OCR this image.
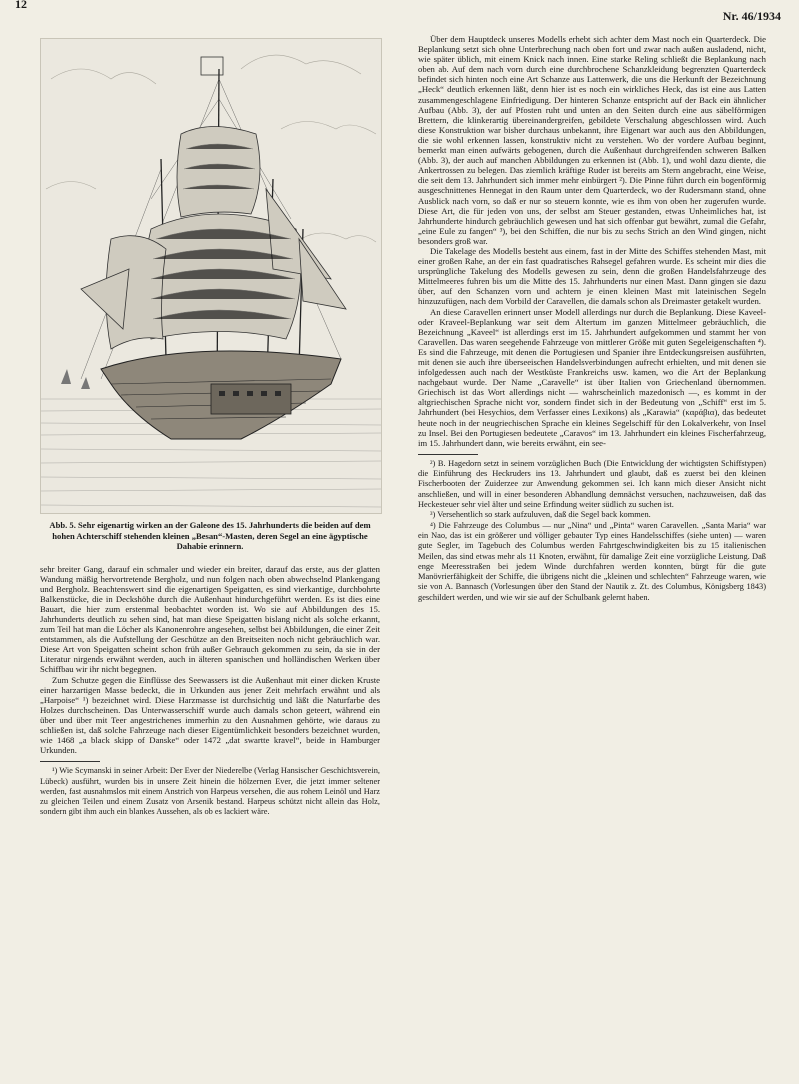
12
Nr. 46/1934
Abb. 5. Sehr eigenartig wirken an der Galeone des 15. Jahrhunderts die beiden auf dem hohen Achterschiff stehenden kleinen „Besan“-Masten, deren Segel an eine ägyptische Dahabie erinnern.

sehr breiter Gang, darauf ein schmaler und wieder ein breiter, darauf das erste, aus der glatten Wandung mäßig hervortretende Bergholz, und nun folgen nach oben abwechselnd Plankengang und Bergholz. Beachtenswert sind die eigenartigen Speigatten, es sind vierkantige, durchbohrte Balkenstücke, die in Deckshöhe durch die Außenhaut hindurchgeführt werden. Es ist dies eine Bauart, die hier zum erstenmal beobachtet worden ist. Wo sie auf Abbildungen des 15. Jahrhunderts deutlich zu sehen sind, hat man diese Speigatten bislang nicht als solche erkannt, zum Teil hat man die Löcher als Kanonenrohre angesehen, selbst bei Abbildungen, die einer Zeit entstammen, als die Aufstellung der Geschütze an den Breitseiten noch nicht gebräuchlich war. Diese Art von Speigatten scheint schon früh außer Gebrauch gekommen zu sein, da sie in der Literatur nirgends erwähnt werden, auch in älteren spanischen und holländischen Werken über Schiffbau wir ihr nicht begegnen.

Zum Schutze gegen die Einflüsse des Seewassers ist die Außenhaut mit einer dicken Kruste einer harzartigen Masse bedeckt, die in Urkunden aus jener Zeit mehrfach erwähnt und als „Harpoise“ ¹) bezeichnet wird. Diese Harzmasse ist durchsichtig und läßt die Naturfarbe des Holzes durchscheinen. Das Unterwasserschiff wurde auch damals schon geteert, während ein über und über mit Teer angestrichenes immerhin zu den Ausnahmen gehörte, wie daraus zu schließen ist, daß solche Fahrzeuge nach dieser Eigentümlichkeit besonders bezeichnet wurden, wie 1468 „a black skipp of Danske“ oder 1472 „dat swartte kravel“, beide in Hamburger Urkunden.

¹) Wie Scymanski in seiner Arbeit: Der Ever der Niederelbe (Verlag Hansischer Geschichtsverein, Lübeck) ausführt, wurden bis in unsere Zeit hinein die hölzernen Ever, die jetzt immer seltener werden, fast ausnahmslos mit einem Anstrich von Harpeus versehen, die aus rohem Leinöl und Harz zu gleichen Teilen und einem Zusatz von Arsenik bestand. Harpeus schützt nicht allein das Holz, sondern gibt ihm auch ein blankes Aussehen, als ob es lackiert wäre.

Über dem Hauptdeck unseres Modells erhebt sich achter dem Mast noch ein Quarterdeck. Die Beplankung setzt sich ohne Unterbrechung nach oben fort und zwar nach außen ausladend, nicht, wie später üblich, mit einem Knick nach innen. Eine starke Reling schließt die Beplankung nach oben ab. Auf dem nach vorn durch eine durchbrochene Schanzkleidung begrenzten Quarterdeck befindet sich hinten noch eine Art Schanze aus Lattenwerk, die uns die Herkunft der Bezeichnung „Heck“ deutlich erkennen läßt, denn hier ist es noch ein wirkliches Heck, das ist eine aus Latten zusammengeschlagene Einfriedigung. Der hinteren Schanze entspricht auf der Back ein ähnlicher Aufbau (Abb. 3), der auf Pfosten ruht und unten an den Seiten durch eine aus säbelförmigen Brettern, die klinkerartig übereinandergreifen, gebildete Verschalung abgeschlossen wird. Auch diese Konstruktion war bisher durchaus unbekannt, ihre Eigenart war auch aus den Abbildungen, die sie wohl erkennen lassen, konstruktiv nicht zu verstehen. Wo der vordere Aufbau beginnt, bemerkt man einen aufwärts gebogenen, durch die Außenhaut durchgreifenden schweren Balken (Abb. 3), der auch auf manchen Abbildungen zu erkennen ist (Abb. 1), und wohl dazu diente, die Ankertrossen zu belegen. Das ziemlich kräftige Ruder ist bereits am Stern angebracht, eine Weise, die seit dem 13. Jahrhundert sich immer mehr einbürgert ²). Die Pinne führt durch ein bogenförmig ausgeschnittenes Hennegat in den Raum unter dem Quarterdeck, wo der Rudersmann stand, ohne Ausblick nach vorn, so daß er nur so steuern konnte, wie es ihm von oben her zugerufen wurde. Diese Art, die für jeden von uns, der selbst am Steuer gestanden, etwas Unheimliches hat, ist Jahrhunderte hindurch gebräuchlich gewesen und hat sich offenbar gut bewährt, zumal die Gefahr, „eine Eule zu fangen“ ³), bei den Schiffen, die nur bis zu sechs Strich an den Wind gingen, nicht besonders groß war.

Die Takelage des Modells besteht aus einem, fast in der Mitte des Schiffes stehenden Mast, mit einer großen Rahe, an der ein fast quadratisches Rahsegel gefahren wurde. Es scheint mir dies die ursprüngliche Takelung des Modells gewesen zu sein, denn die großen Handelsfahrzeuge des Mittelmeeres fuhren bis um die Mitte des 15. Jahrhunderts nur einen Mast. Dann gingen sie dazu über, auf den Schanzen vorn und achtern je einen kleinen Mast mit lateinischen Segeln hinzuzufügen, nach dem Vorbild der Caravellen, die damals schon als Dreimaster getakelt wurden.

An diese Caravellen erinnert unser Modell allerdings nur durch die Beplankung. Diese Kaveel- oder Kraveel-Beplankung war seit dem Altertum im ganzen Mittelmeer gebräuchlich, die Bezeichnung „Kaveel“ ist allerdings erst im 15. Jahrhundert aufgekommen und stammt her von Caravellen. Das waren seegehende Fahrzeuge von mittlerer Größe mit guten Segeleigenschaften ⁴). Es sind die Fahrzeuge, mit denen die Portugiesen und Spanier ihre Entdeckungsreisen ausführten, mit denen sie auch ihre überseeischen Handelsverbindungen aufrecht erhielten, und mit denen sie infolgedessen auch nach der Westküste Frankreichs usw. kamen, wo die Art der Beplankung nachgebaut wurde. Der Name „Caravelle“ ist über Italien von Griechenland übernommen. Griechisch ist das Wort allerdings nicht — wahrscheinlich mazedonisch —, es kommt in der altgriechischen Sprache nicht vor, sondern findet sich in der Bedeutung von „Schiff“ erst im 5. Jahrhundert (bei Hesychios, dem Verfasser eines Lexikons) als „Karawia“ (καράβια), das bedeutet heute noch in der neugriechischen Sprache ein kleines Segelschiff für den Lokalverkehr, von Insel zu Insel. Bei den Portugiesen bedeutete „Caravos“ im 13. Jahrhundert ein kleines Fischerfahrzeug, im 15. Jahrhundert dann, wie bereits erwähnt, ein see-

²) B. Hagedorn setzt in seinem vorzüglichen Buch (Die Entwicklung der wichtigsten Schiffstypen) die Einführung des Heckruders ins 13. Jahrhundert und glaubt, daß es zuerst bei den kleinen Fischerbooten der Zuiderzee zur Anwendung gekommen sei. Ich kann mich dieser Ansicht nicht anschließen, und will in einer besonderen Abhandlung demnächst versuchen, nachzuweisen, daß das Heckesteuer sehr viel älter und seine Erfindung weiter südlich zu suchen ist.

³) Versehentlich so stark aufzuluven, daß die Segel back kommen.

⁴) Die Fahrzeuge des Columbus — nur „Nina“ und „Pinta“ waren Caravellen. „Santa Maria“ war ein Nao, das ist ein größerer und völliger gebauter Typ eines Handelsschiffes (siehe unten) — waren gute Segler, im Tagebuch des Columbus werden Fahrtgeschwindigkeiten bis zu 15 italienischen Meilen, das sind etwas mehr als 11 Knoten, erwähnt, für damalige Zeit eine vorzügliche Leistung. Daß enge Meeresstraßen bei jedem Winde durchfahren werden konnten, bürgt für die gute Manövrierfähigkeit der Schiffe, die übrigens nicht die „kleinen und schlechten“ Fahrzeuge waren, wie sie von A. Bannasch (Vorlesungen über den Stand der Nautik z. Zt. des Columbus, Königsberg 1843) geschildert werden, und wie wir sie auf der Schulbank gelernt haben.
